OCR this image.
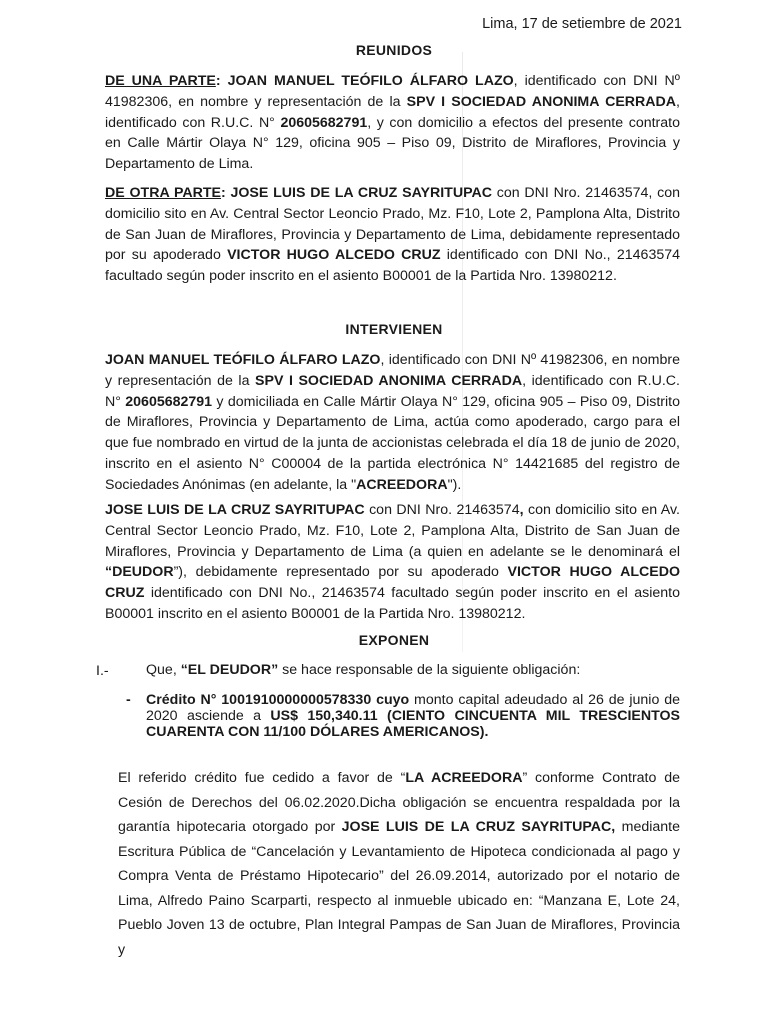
Lima, 17 de setiembre de 2021
REUNIDOS
DE UNA PARTE: JOAN MANUEL TEÓFILO ÁLFARO LAZO, identificado con DNI Nº 41982306, en nombre y representación de la SPV I SOCIEDAD ANONIMA CERRADA, identificado con R.U.C. N° 20605682791, y con domicilio a efectos del presente contrato en Calle Mártir Olaya N° 129, oficina 905 – Piso 09, Distrito de Miraflores, Provincia y Departamento de Lima.
DE OTRA PARTE: JOSE LUIS DE LA CRUZ SAYRITUPAC con DNI Nro. 21463574, con domicilio sito en Av. Central Sector Leoncio Prado, Mz. F10, Lote 2, Pamplona Alta, Distrito de San Juan de Miraflores, Provincia y Departamento de Lima, debidamente representado por su apoderado VICTOR HUGO ALCEDO CRUZ identificado con DNI No., 21463574 facultado según poder inscrito en el asiento B00001 de la Partida Nro. 13980212.
INTERVIENEN
JOAN MANUEL TEÓFILO ÁLFARO LAZO, identificado con DNI Nº 41982306, en nombre y representación de la SPV I SOCIEDAD ANONIMA CERRADA, identificado con R.U.C. N° 20605682791 y domiciliada en Calle Mártir Olaya N° 129, oficina 905 – Piso 09, Distrito de Miraflores, Provincia y Departamento de Lima, actúa como apoderado, cargo para el que fue nombrado en virtud de la junta de accionistas celebrada el día 18 de junio de 2020, inscrito en el asiento N° C00004 de la partida electrónica N° 14421685 del registro de Sociedades Anónimas (en adelante, la "ACREEDORA").
JOSE LUIS DE LA CRUZ SAYRITUPAC con DNI Nro. 21463574, con domicilio sito en Av. Central Sector Leoncio Prado, Mz. F10, Lote 2, Pamplona Alta, Distrito de San Juan de Miraflores, Provincia y Departamento de Lima (a quien en adelante se le denominará el “DEUDOR”), debidamente representado por su apoderado VICTOR HUGO ALCEDO CRUZ identificado con DNI No., 21463574 facultado según poder inscrito en el asiento B00001 inscrito en el asiento B00001 de la Partida Nro. 13980212.
EXPONEN
I.-	Que, “EL DEUDOR” se hace responsable de la siguiente obligación:
- Crédito N° 1001910000000578330 cuyo monto capital adeudado al 26 de junio de 2020 asciende a US$ 150,340.11 (CIENTO CINCUENTA MIL TRESCIENTOS CUARENTA CON 11/100 DÓLARES AMERICANOS).
El referido crédito fue cedido a favor de “LA ACREEDORA” conforme Contrato de Cesión de Derechos del 06.02.2020.Dicha obligación se encuentra respaldada por la garantía hipotecaria otorgado por JOSE LUIS DE LA CRUZ SAYRITUPAC, mediante Escritura Pública de “Cancelación y Levantamiento de Hipoteca condicionada al pago y Compra Venta de Préstamo Hipotecario” del 26.09.2014, autorizado por el notario de Lima, Alfredo Paino Scarparti, respecto al inmueble ubicado en: “Manzana E, Lote 24, Pueblo Joven 13 de octubre, Plan Integral Pampas de San Juan de Miraflores, Provincia y
